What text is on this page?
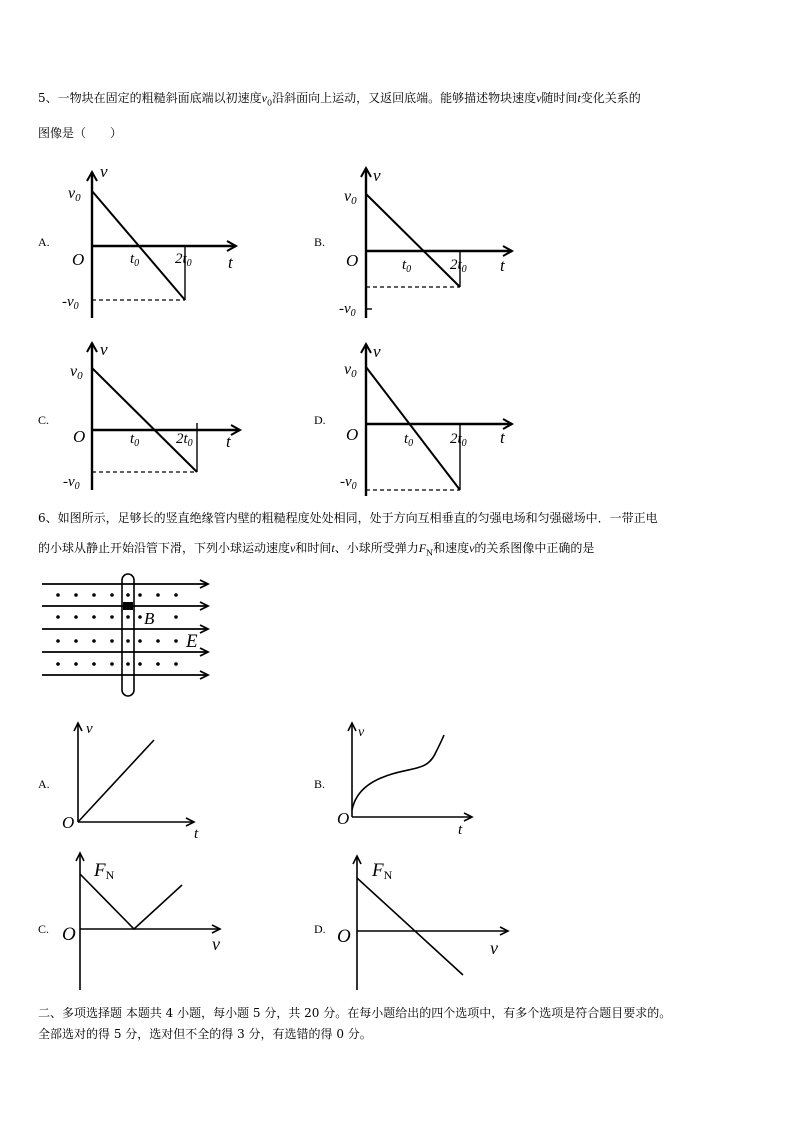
5、一物块在固定的粗糙斜面底端以初速度$v_0$沿斜面向上运动，又返回底端。能够描述物块速度v随时间t变化关系的
图像是（　　）
A.	B.
C.	D.
v
v0
O	$t_0$ $2t_0$ t
$-v_0$
v
v0
O	$t_0$	$2t_0$ t
$-v_0$
v
v0
O	$t_0$ $2t_0$ t
$-v_0$
v
v0
O	$t_0$ $2t_0$ t
$-v_0$
6、如图所示，足够长的竖直绝缘管内壁的粗糙程度处处相同，处于方向互相垂直的匀强电场和匀强磁场中．一带正电
的小球从静止开始沿管下滑，下列小球运动速度v和时间t、小球所受弹力$F_N$和速度v的关系图像中正确的是
B
E
A.	B.
C.	D.
v
O
t
v
O
t
FN
O	v
FN
O
v
二、多项选择题 本题共 4 小题，每小题 5 分，共 20 分。在每小题给出的四个选项中，有多个选项是符合题目要求的。
全部选对的得 5 分，选对但不全的得 3 分，有选错的得 0 分。
